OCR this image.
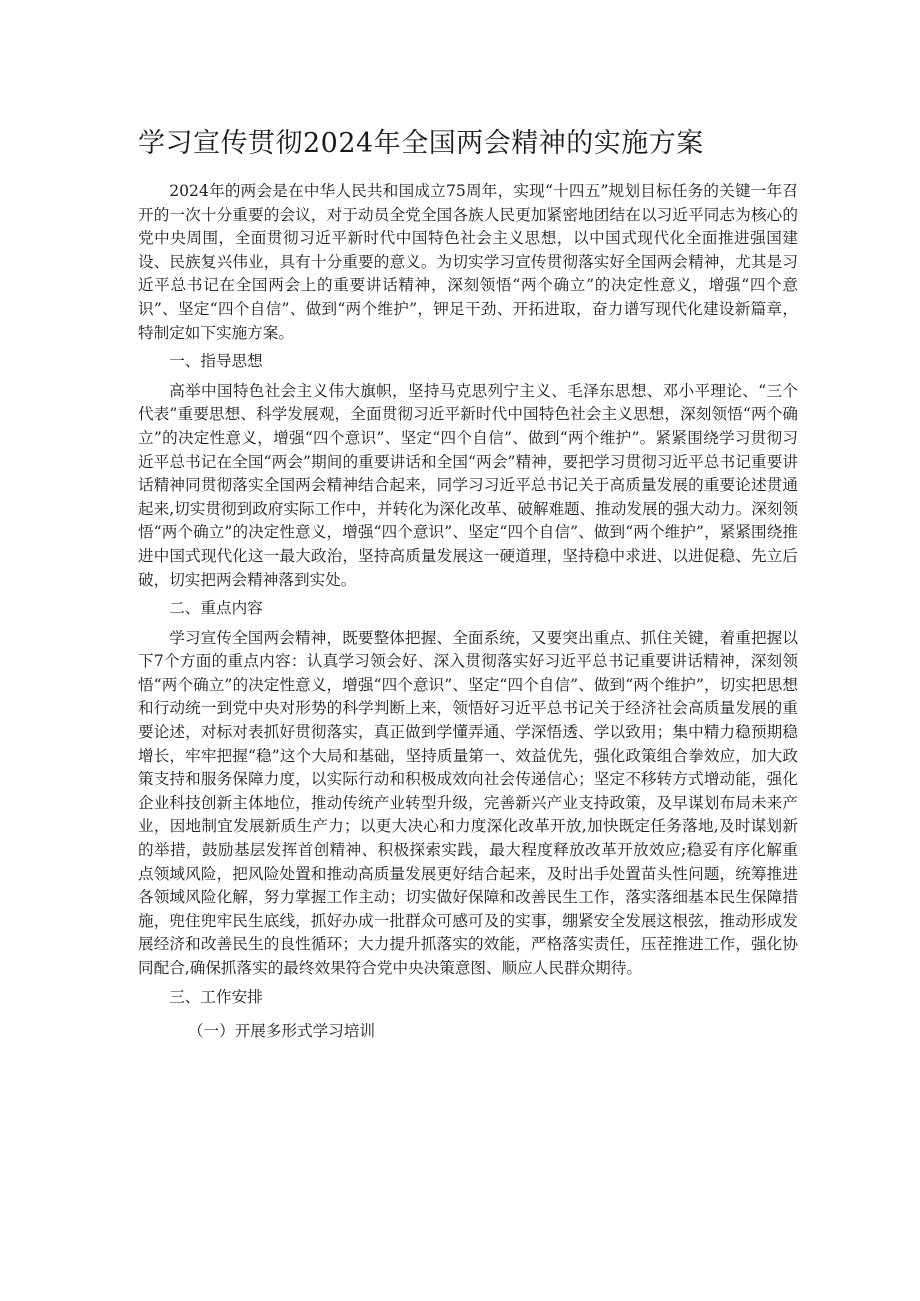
学习宣传贯彻2024年全国两会精神的实施方案

2024年的两会是在中华人民共和国成立75周年，实现“十四五”规划目标任务的关键一年召开的一次十分重要的会议，对于动员全党全国各族人民更加紧密地团结在以习近平同志为核心的党中央周围，全面贯彻习近平新时代中国特色社会主义思想，以中国式现代化全面推进强国建设、民族复兴伟业，具有十分重要的意义。为切实学习宣传贯彻落实好全国两会精神，尤其是习近平总书记在全国两会上的重要讲话精神，深刻领悟“两个确立”的决定性意义，增强“四个意识”、坚定“四个自信”、做到“两个维护”，钾足干劲、开拓进取，奋力谱写现代化建设新篇章，特制定如下实施方案。

一、指导思想

高举中国特色社会主义伟大旗帜，坚持马克思列宁主义、毛泽东思想、邓小平理论、“三个代表”重要思想、科学发展观，全面贯彻习近平新时代中国特色社会主义思想，深刻领悟“两个确立”的决定性意义，增强“四个意识”、坚定“四个自信”、做到“两个维护”。紧紧围绕学习贯彻习近平总书记在全国“两会”期间的重要讲话和全国“两会”精神，要把学习贯彻习近平总书记重要讲话精神同贯彻落实全国两会精神结合起来，同学习习近平总书记关于高质量发展的重要论述贯通起来,切实贯彻到政府实际工作中，并转化为深化改革、破解难题、推动发展的强大动力。深刻领悟“两个确立”的决定性意义，增强“四个意识”、坚定“四个自信”、做到“两个维护”，紧紧围绕推进中国式现代化这一最大政治，坚持高质量发展这一硬道理，坚持稳中求进、以进促稳、先立后破，切实把两会精神落到实处。

二、重点内容

学习宣传全国两会精神，既要整体把握、全面系统，又要突出重点、抓住关键，着重把握以下7个方面的重点内容：认真学习领会好、深入贯彻落实好习近平总书记重要讲话精神，深刻领悟“两个确立”的决定性意义，增强“四个意识”、坚定“四个自信”、做到“两个维护”，切实把思想和行动统一到党中央对形势的科学判断上来，领悟好习近平总书记关于经济社会高质量发展的重要论述，对标对表抓好贯彻落实，真正做到学懂弄通、学深悟透、学以致用；集中精力稳预期稳增长，牢牢把握“稳”这个大局和基础，坚持质量第一、效益优先，强化政策组合拳效应，加大政策支持和服务保障力度，以实际行动和积极成效向社会传递信心；坚定不移转方式增动能，强化企业科技创新主体地位，推动传统产业转型升级，完善新兴产业支持政策，及早谋划布局未来产业，因地制宜发展新质生产力；以更大决心和力度深化改革开放,加快既定任务落地,及时谋划新的举措，鼓励基层发挥首创精神、积极探索实践，最大程度释放改革开放效应;稳妥有序化解重点领域风险，把风险处置和推动高质量发展更好结合起来，及时出手处置苗头性问题，统筹推进各领域风险化解，努力掌握工作主动；切实做好保障和改善民生工作，落实落细基本民生保障措施，兜住兜牢民生底线，抓好办成一批群众可感可及的实事，绷紧安全发展这根弦，推动形成发展经济和改善民生的良性循环；大力提升抓落实的效能，严格落实责任，压茬推进工作，强化协同配合,确保抓落实的最终效果符合党中央决策意图、顺应人民群众期待。

三、工作安排

（一）开展多形式学习培训
